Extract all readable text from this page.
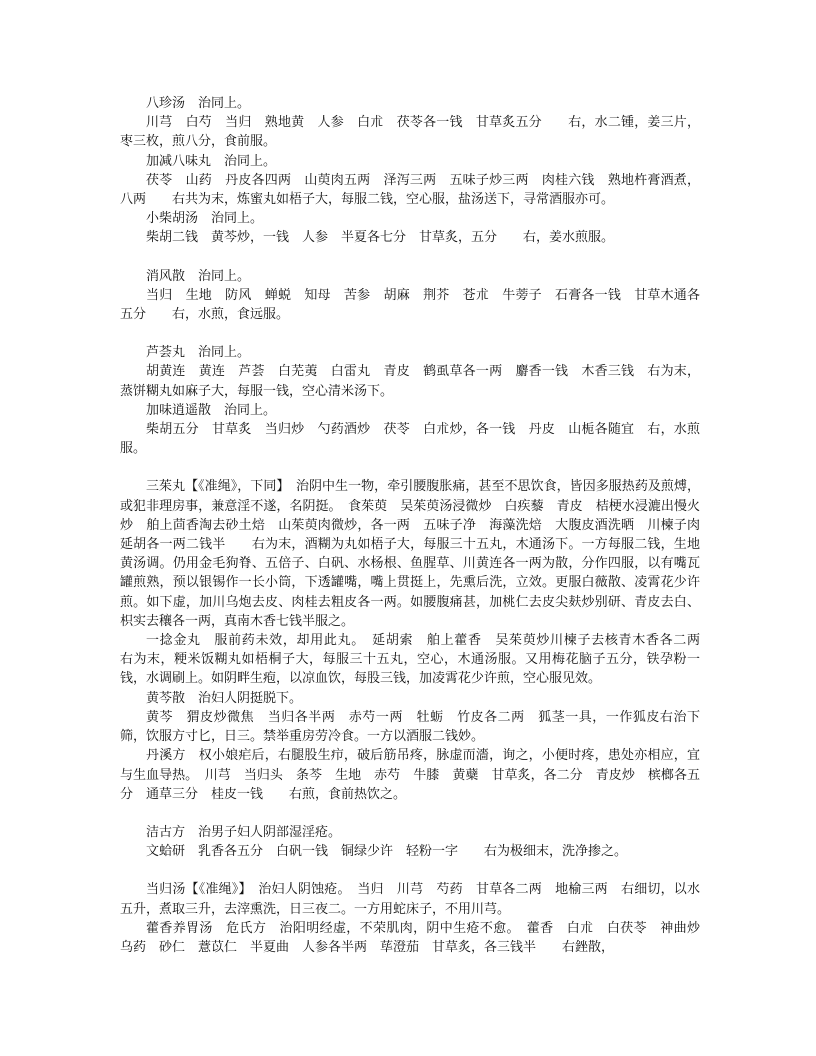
八珍汤　治同上。

川芎　白芍　当归　熟地黄　人参　白朮　茯苓各一钱　甘草炙五分　　右，水二锺，姜三片，枣三枚，煎八分，食前服。

加减八味丸　治同上。

茯苓　山药　丹皮各四两　山萸肉五两　泽泻三两　五味子炒三两　肉桂六钱　熟地杵膏酒煮，八两　　右共为末，炼蜜丸如梧子大，每服二钱，空心服，盐汤送下，寻常酒服亦可。

小柴胡汤　治同上。

柴胡二钱　黄芩炒，一钱　人参　半夏各七分　甘草炙，五分　　右，姜水煎服。

消风散　治同上。

当归　生地　防风　蝉蜕　知母　苦参　胡麻　荆芥　苍朮　牛蒡子　石膏各一钱　甘草木通各五分　　右，水煎，食远服。

芦荟丸　治同上。

胡黄连　黄连　芦荟　白芜荑　白雷丸　青皮　鹤虱草各一两　麝香一钱　木香三钱　右为末，蒸饼糊丸如麻子大，每服一钱，空心清米汤下。

加味逍遥散　治同上。

柴胡五分　甘草炙　当归炒　勺药酒炒　茯苓　白朮炒，各一钱　丹皮　山栀各随宜　右，水煎服。

三茱丸【《准绳》，下同】　治阴中生一物，牵引腰腹胀痛，甚至不思饮食，皆因多服热药及煎煿，或犯非理房事，兼意淫不遂，名阴挺。　食茱萸　吴茱萸汤浸微炒　白疾藜　青皮　桔梗水浸漉出慢火炒　舶上茴香淘去砂土焙　山茱萸肉微炒，各一两　五味子净　海藻洗焙　大腹皮酒洗晒　川楝子肉　延胡各一两二钱半　　右为末，酒糊为丸如梧子大，每服三十五丸，木通汤下。一方每服二钱，生地黄汤调。仍用金毛狗脊、五倍子、白矾、水杨根、鱼腥草、川黄连各一两为散，分作四服，以有嘴瓦罐煎熟，预以银锡作一长小筒，下透罐嘴，嘴上贯挺上，先熏后洗，立效。更服白薇散、凌霄花少许煎。如下虚，加川乌炮去皮、肉桂去粗皮各一两。如腰腹痛甚，加桃仁去皮尖麸炒别研、青皮去白、枳实去穰各一两，真南木香七钱半服之。

一捻金丸　服前药未效，却用此丸。　延胡索　舶上藿香　吴茱萸炒川楝子去核青木香各二两　　右为末，粳米饭糊丸如梧桐子大，每服三十五丸，空心，木通汤服。又用梅花脑子五分，铁孕粉一钱，水调刷上。如阴畔生疱，以凉血饮，每股三钱，加凌霄花少许煎，空心服见效。

黄芩散　治妇人阴挺脱下。

黄芩　猬皮炒微焦　当归各半两　赤芍一两　牡蛎　竹皮各二两　狐茎一具，一作狐皮右治下筛，饮服方寸匕，日三。禁举重房劳冷食。一方以酒服二钱妙。

丹溪方　权小娘疟后，右腿股生疖，破后筋吊疼，脉虚而濇，询之，小便时疼，患处亦相应，宜与生血导热。　川芎　当归头　条芩　生地　赤芍　牛膝　黄蘗　甘草炙，各二分　青皮炒　槟榔各五分　通草三分　桂皮一钱　　右煎，食前热饮之。

洁古方　治男子妇人阴部湿淫疮。

文蛤研　乳香各五分　白矾一钱　铜绿少许　轻粉一字　　右为极细末，洗净掺之。

当归汤【《准绳》】　治妇人阴蚀疮。　当归　川芎　芍药　甘草各二两　地榆三两　右细切，以水五升，煮取三升，去滓熏洗，日三夜二。一方用蛇床子，不用川芎。

藿香养胃汤　危氏方　治阳明经虚，不荣肌肉，阴中生疮不愈。　藿香　白朮　白茯苓　神曲炒　乌药　砂仁　薏苡仁　半夏曲　人参各半两　荜澄茄　甘草炙，各三钱半　　右銼散，
